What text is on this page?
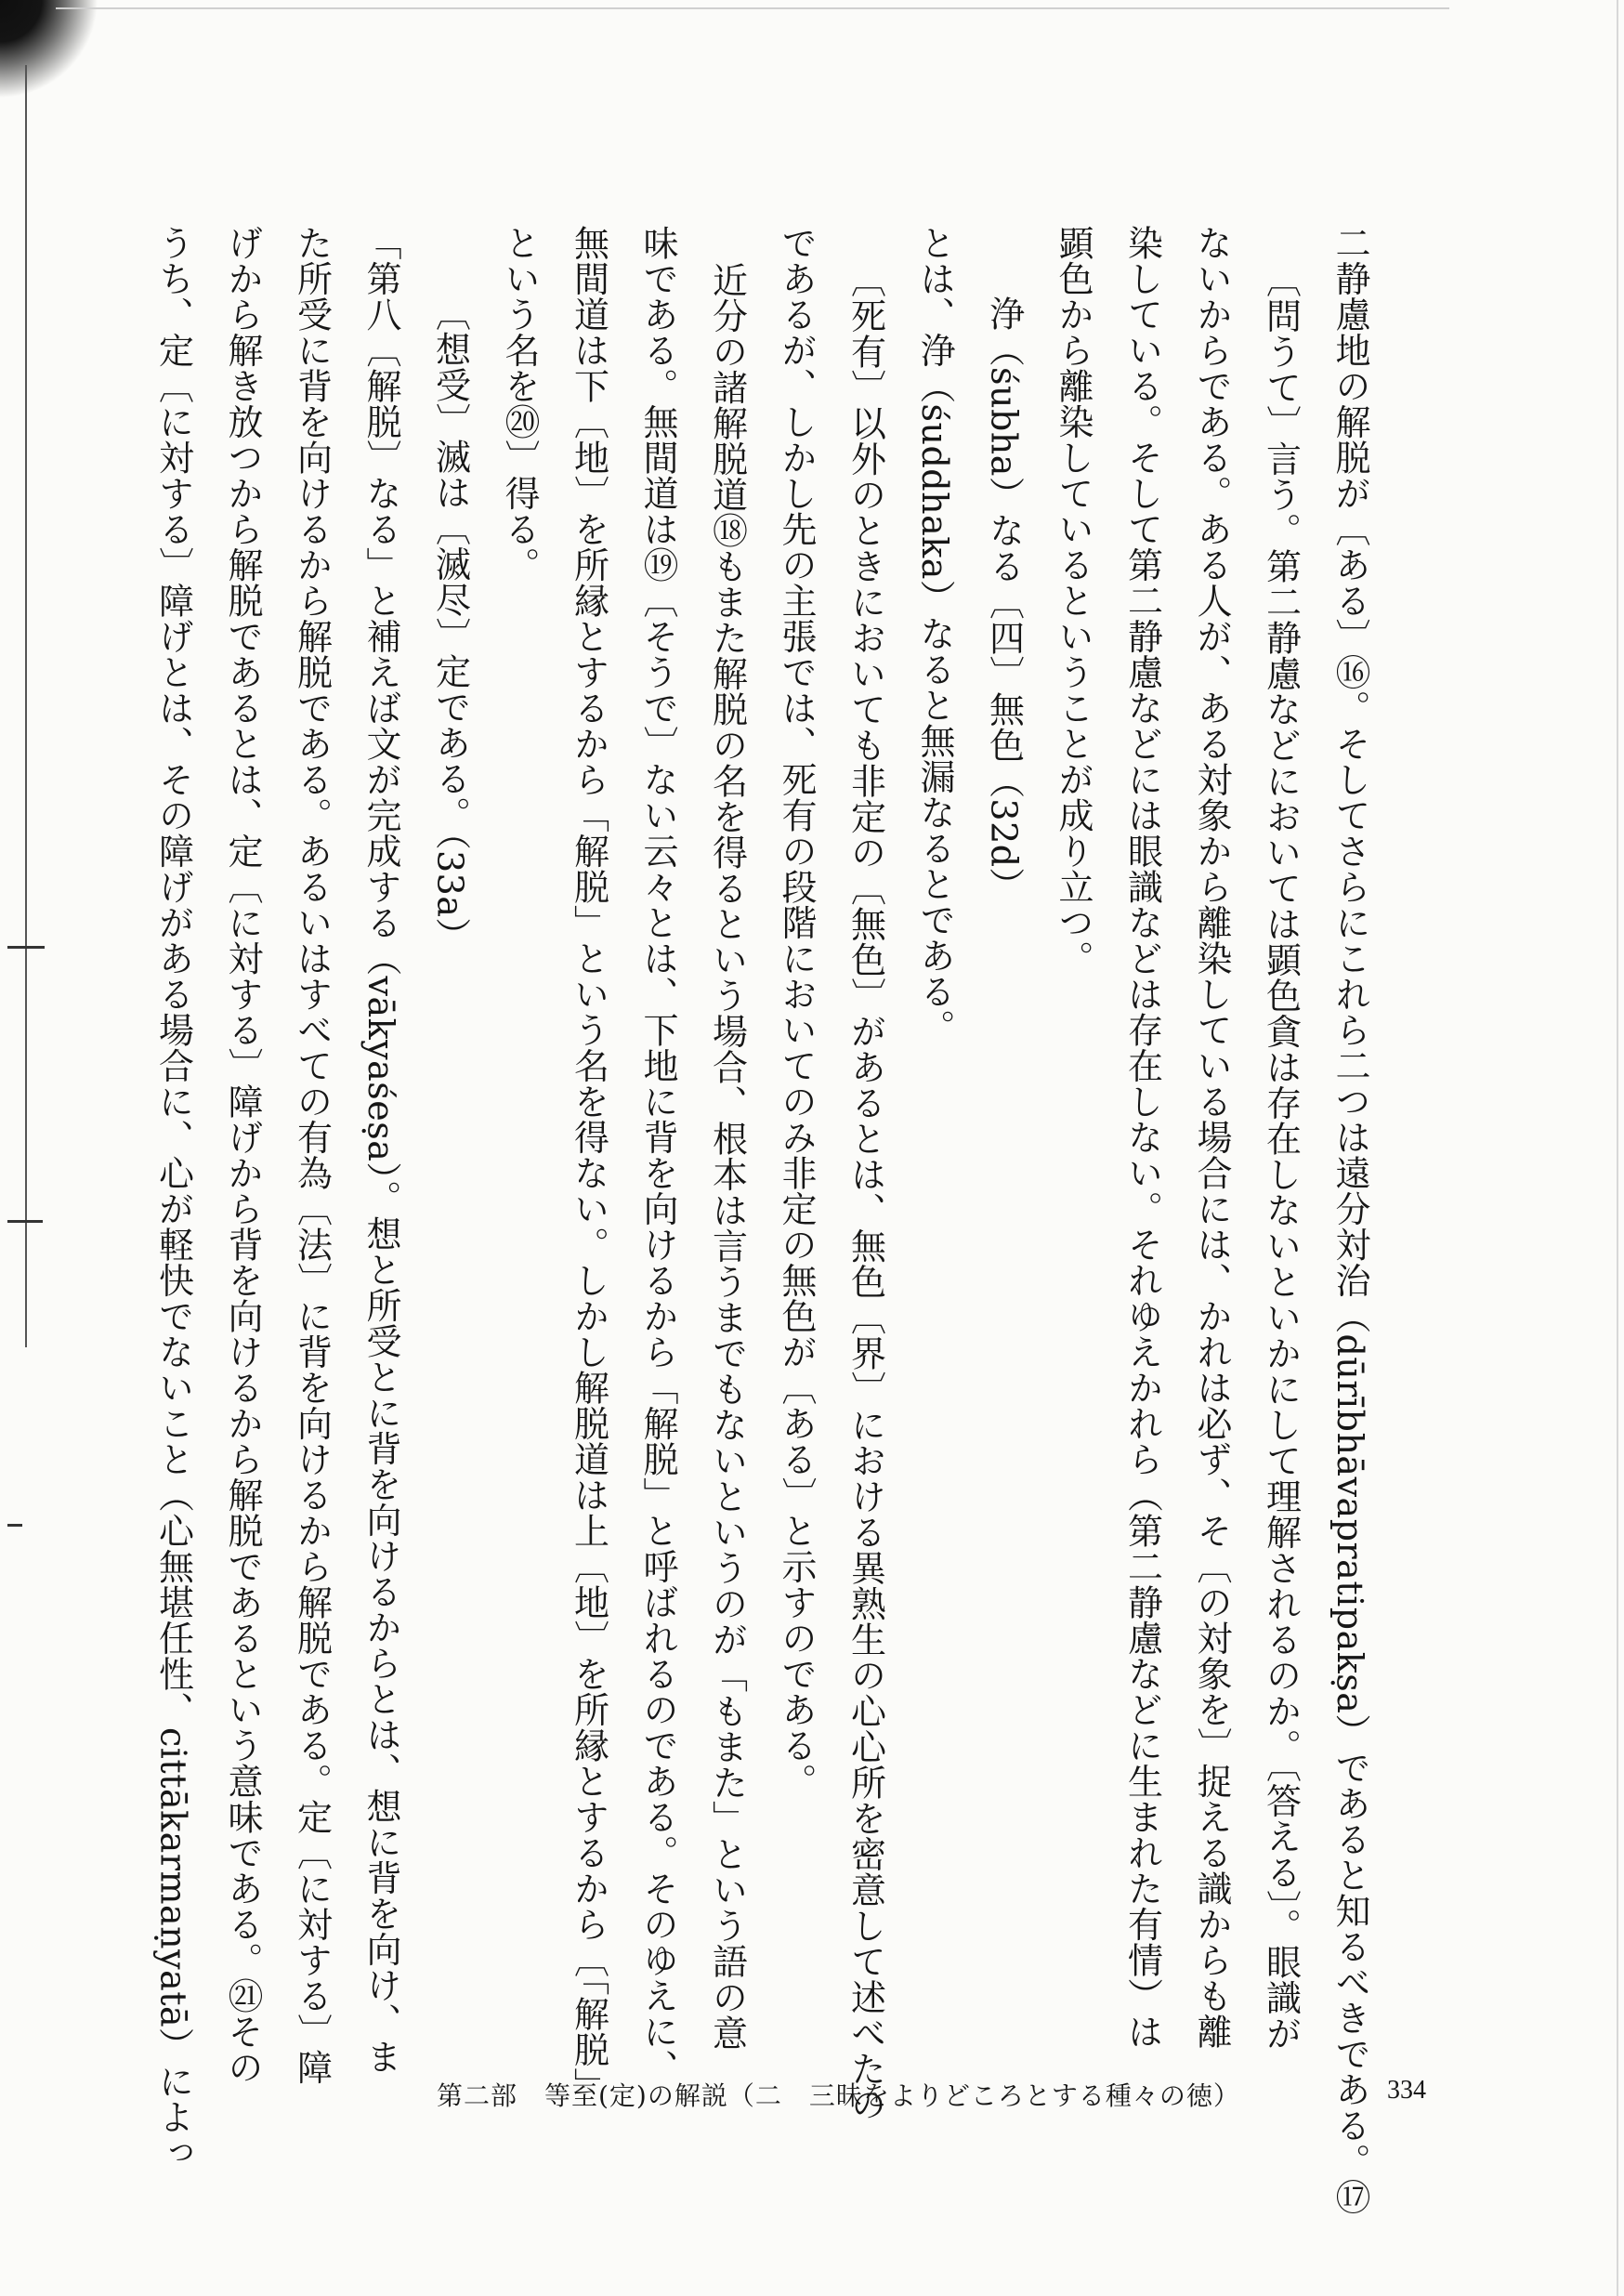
二静慮地の解脱が〔ある〕⑯。そしてさらにこれら二つは遠分対治（dūrībhāvapratipakṣa）であると知るべきである。⑰
〔問うて〕言う。第二静慮などにおいては顕色貪は存在しないといかにして理解されるのか。〔答える〕。眼識が
ないからである。ある人が、ある対象から離染している場合には、かれは必ず、そ〔の対象を〕捉える識からも離
染している。そして第二静慮などには眼識などは存在しない。それゆえかれら（第二静慮などに生まれた有情）は
顕色から離染しているということが成り立つ。
浄（śubha）なる〔四〕無色（32d）
とは、浄（śuddhaka）なると無漏なるとである。
〔死有〕以外のときにおいても非定の〔無色〕があるとは、無色〔界〕における異熟生の心心所を密意して述べたの
であるが、しかし先の主張では、死有の段階においてのみ非定の無色が〔ある〕と示すのである。
近分の諸解脱道⑱もまた解脱の名を得るという場合、根本は言うまでもないというのが「もまた」という語の意
味である。無間道は⑲〔そうで〕ない云々とは、下地に背を向けるから「解脱」と呼ばれるのである。そのゆえに、
無間道は下〔地〕を所縁とするから「解脱」という名を得ない。しかし解脱道は上〔地〕を所縁とするから〔「解脱」
という名を⑳〕得る。
〔想受〕滅は〔滅尽〕定である。（33a）
「第八〔解脱〕なる」と補えば文が完成する（vākyaśeṣa）。想と所受とに背を向けるからとは、想に背を向け、ま
た所受に背を向けるから解脱である。あるいはすべての有為〔法〕に背を向けるから解脱である。定〔に対する〕障
げから解き放つから解脱であるとは、定〔に対する〕障げから背を向けるから解脱であるという意味である。㉑その
うち、定〔に対する〕障げとは、その障げがある場合に、心が軽快でないこと（心無堪任性、cittākarmaṇyatā）によっ	第二部　等至(定)の解説（二　三昧をよりどころとする種々の徳）	334
